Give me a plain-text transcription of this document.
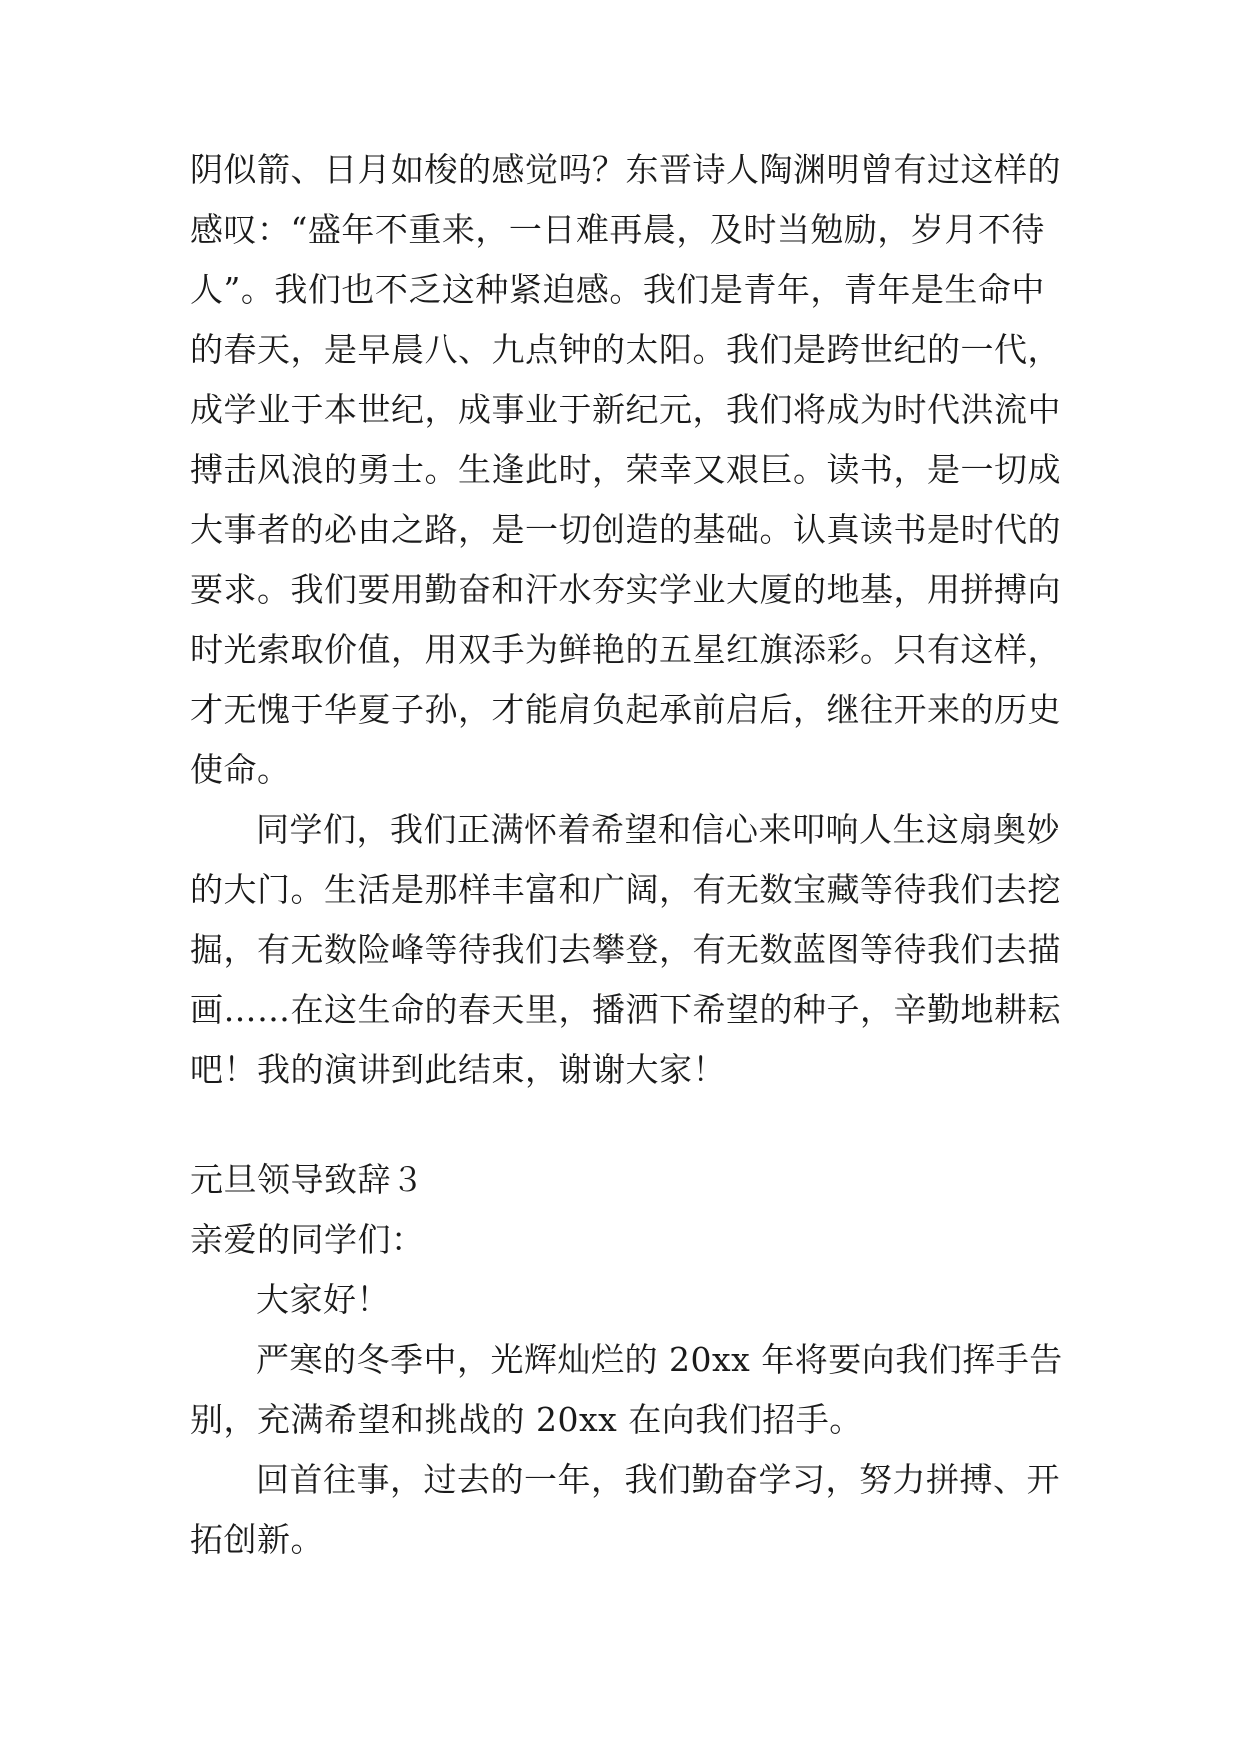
阴似箭、日月如梭的感觉吗？东晋诗人陶渊明曾有过这样的
感叹：“盛年不重来，一日难再晨，及时当勉励，岁月不待
人”。我们也不乏这种紧迫感。我们是青年，青年是生命中
的春天，是早晨八、九点钟的太阳。我们是跨世纪的一代，
成学业于本世纪，成事业于新纪元，我们将成为时代洪流中
搏击风浪的勇士。生逢此时，荣幸又艰巨。读书，是一切成
大事者的必由之路，是一切创造的基础。认真读书是时代的
要求。我们要用勤奋和汗水夯实学业大厦的地基，用拼搏向
时光索取价值，用双手为鲜艳的五星红旗添彩。只有这样，
才无愧于华夏子孙，才能肩负起承前启后，继往开来的历史
使命。
同学们，我们正满怀着希望和信心来叩响人生这扇奥妙
的大门。生活是那样丰富和广阔，有无数宝藏等待我们去挖
掘，有无数险峰等待我们去攀登，有无数蓝图等待我们去描
画……在这生命的春天里，播洒下希望的种子，辛勤地耕耘
吧！我的演讲到此结束，谢谢大家！
元旦领导致辞３
亲爱的同学们：
大家好！
严寒的冬季中，光辉灿烂的 20xx 年将要向我们挥手告
别，充满希望和挑战的 20xx 在向我们招手。
回首往事，过去的一年，我们勤奋学习，努力拼搏、开
拓创新。
